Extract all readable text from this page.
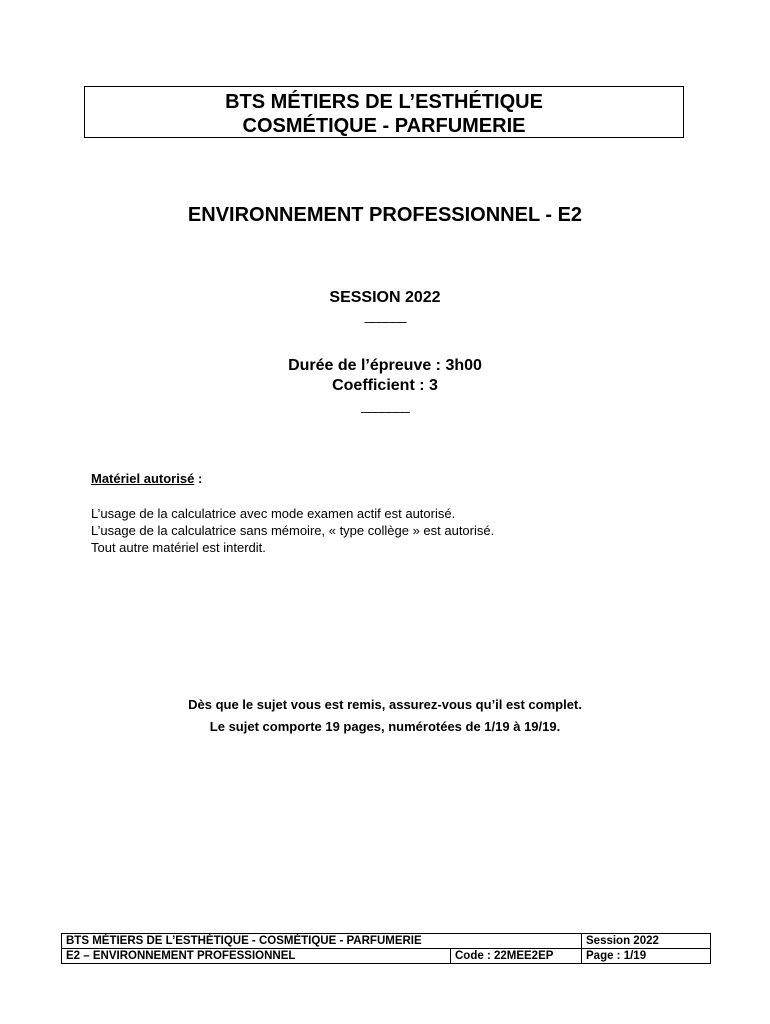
BTS MÉTIERS DE L’ESTHÉTIQUE
COSMÉTIQUE - PARFUMERIE
ENVIRONNEMENT PROFESSIONNEL - E2
SESSION 2022
______
Durée de l’épreuve : 3h00
Coefficient : 3
_______
Matériel autorisé :
L’usage de la calculatrice avec mode examen actif est autorisé.
L’usage de la calculatrice sans mémoire, « type collège » est autorisé.
Tout autre matériel est interdit.
Dès que le sujet vous est remis, assurez-vous qu’il est complet.
Le sujet comporte 19 pages, numérotées de 1/19 à 19/19.
BTS MÉTIERS DE L’ESTHÉTIQUE - COSMÉTIQUE - PARFUMERIE		Session 2022
E2 – ENVIRONNEMENT PROFESSIONNEL	Code : 22MEE2EP	Page : 1/19
